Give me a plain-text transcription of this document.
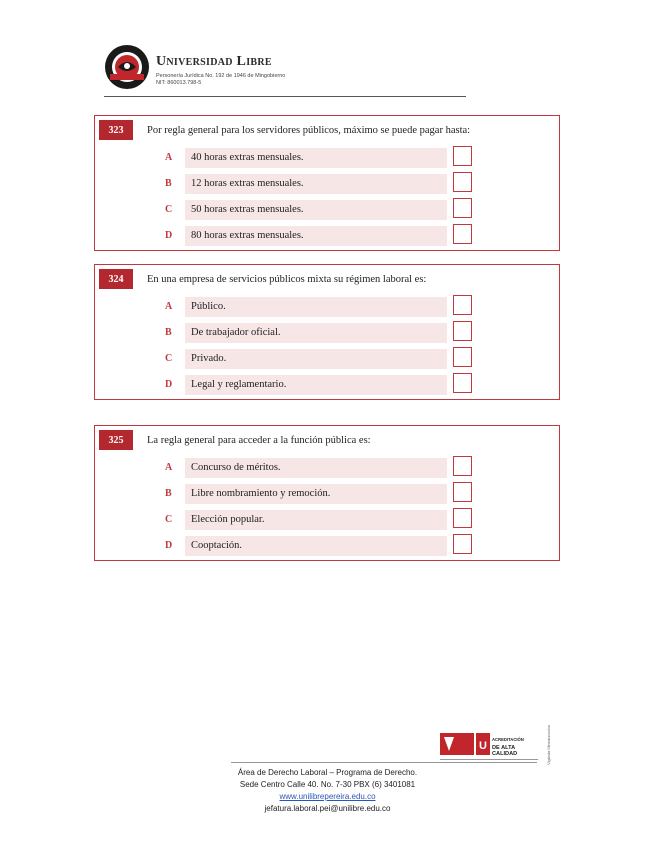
Universidad Libre
Personería Jurídica No. 192 de 1946 de Mingobierno
NIT: 860013.798-5
323	Por regla general para los servidores públicos, máximo se puede pagar hasta:
A	40 horas extras mensuales.
B	12 horas extras mensuales.
C	50 horas extras mensuales.
D	80 horas extras mensuales.
324	En una empresa de servicios públicos mixta su régimen laboral es:
A	Público.
B	De trabajador oficial.
C	Privado.
D	Legal y reglamentario.
325	La regla general para acceder a la función pública es:
A	Concurso de méritos.
B	Libre nombramiento y remoción.
C	Elección popular.
D	Cooptación.
U
ACREDITACIÓN
DE ALTA
CALIDAD	Vigilada Mineducación
Área de Derecho Laboral – Programa de Derecho.
Sede Centro Calle 40. No. 7-30 PBX (6) 3401081
www.unilibrepereira.edu.co
jefatura.laboral.pei@unilibre.edu.co
